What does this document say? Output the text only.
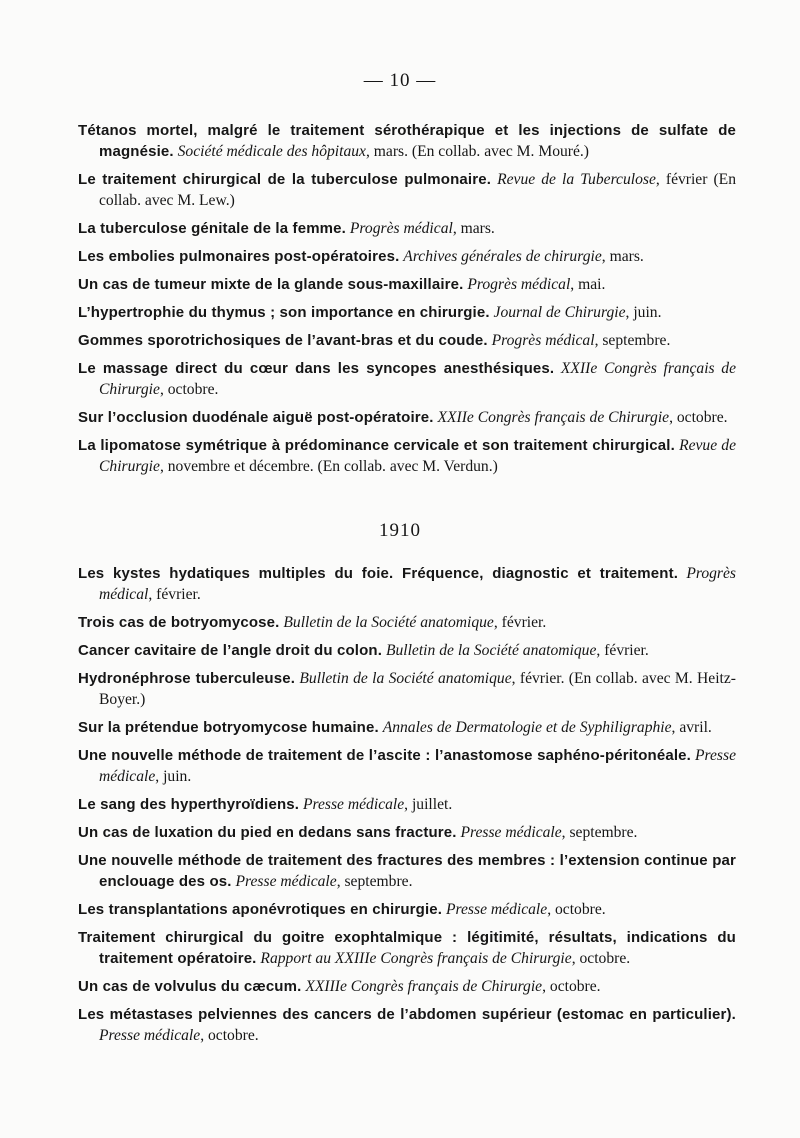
— 10 —
Tétanos mortel, malgré le traitement sérothérapique et les injections de sulfate de magnésie. Société médicale des hôpitaux, mars. (En collab. avec M. Mouré.)
Le traitement chirurgical de la tuberculose pulmonaire. Revue de la Tuberculose, février (En collab. avec M. Lew.)
La tuberculose génitale de la femme. Progrès médical, mars.
Les embolies pulmonaires post-opératoires. Archives générales de chirurgie, mars.
Un cas de tumeur mixte de la glande sous-maxillaire. Progrès médical, mai.
L’hypertrophie du thymus ; son importance en chirurgie. Journal de Chirurgie, juin.
Gommes sporotrichosiques de l’avant-bras et du coude. Progrès médical, septembre.
Le massage direct du cœur dans les syncopes anesthésiques. XXIIe Congrès français de Chirurgie, octobre.
Sur l’occlusion duodénale aiguë post-opératoire. XXIIe Congrès français de Chirurgie, octobre.
La lipomatose symétrique à prédominance cervicale et son traitement chirurgical. Revue de Chirurgie, novembre et décembre. (En collab. avec M. Verdun.)
1910
Les kystes hydatiques multiples du foie. Fréquence, diagnostic et traitement. Progrès médical, février.
Trois cas de botryomycose. Bulletin de la Société anatomique, février.
Cancer cavitaire de l’angle droit du colon. Bulletin de la Société anatomique, février.
Hydronéphrose tuberculeuse. Bulletin de la Société anatomique, février. (En collab. avec M. Heitz-Boyer.)
Sur la prétendue botryomycose humaine. Annales de Dermatologie et de Syphiligraphie, avril.
Une nouvelle méthode de traitement de l’ascite : l’anastomose saphéno-péritonéale. Presse médicale, juin.
Le sang des hyperthyroïdiens. Presse médicale, juillet.
Un cas de luxation du pied en dedans sans fracture. Presse médicale, septembre.
Une nouvelle méthode de traitement des fractures des membres : l’extension continue par enclouage des os. Presse médicale, septembre.
Les transplantations aponévrotiques en chirurgie. Presse médicale, octobre.
Traitement chirurgical du goitre exophtalmique : légitimité, résultats, indications du traitement opératoire. Rapport au XXIIIe Congrès français de Chirurgie, octobre.
Un cas de volvulus du cæcum. XXIIIe Congrès français de Chirurgie, octobre.
Les métastases pelviennes des cancers de l’abdomen supérieur (estomac en particulier). Presse médicale, octobre.
